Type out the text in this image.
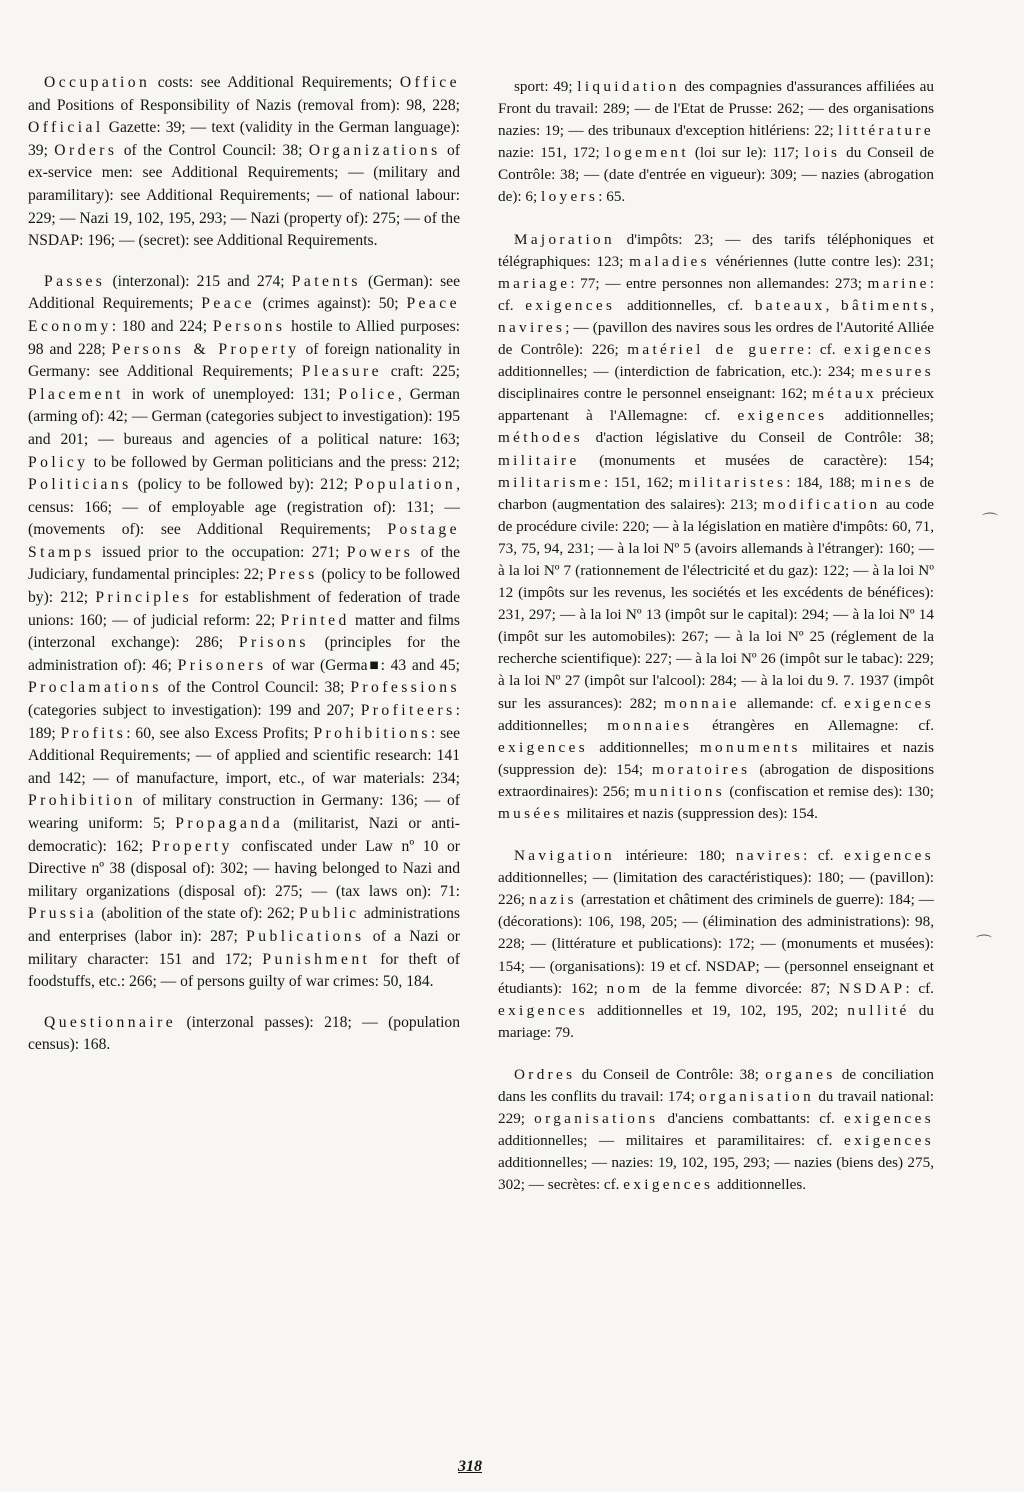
Occupation costs: see Additional Requirements; Office and Positions of Responsibility of Nazis (removal from): 98, 228; Official Gazette: 39; — text (validity in the German language): 39; Orders of the Control Council: 38; Organizations of ex-service men: see Additional Requirements; — (military and paramilitary): see Additional Requirements; — of national labour: 229; — Nazi 19, 102, 195, 293; — Nazi (property of): 275; — of the NSDAP: 196; — (secret): see Additional Requirements.

Passes (interzonal): 215 and 274; Patents (German): see Additional Requirements; Peace (crimes against): 50; Peace Economy: 180 and 224; Persons hostile to Allied purposes: 98 and 228; Persons & Property of foreign nationality in Germany: see Additional Requirements; Pleasure craft: 225; Placement in work of unemployed: 131; Police, German (arming of): 42; — German (categories subject to investigation): 195 and 201; — bureaus and agencies of a political nature: 163; Policy to be followed by German politicians and the press: 212; Politicians (policy to be followed by): 212; Population, census: 166; — of employable age (registration of): 131; — (movements of): see Additional Requirements; Postage Stamps issued prior to the occupation: 271; Powers of the Judiciary, fundamental principles: 22; Press (policy to be followed by): 212; Principles for establishment of federation of trade unions: 160; — of judicial reform: 22; Printed matter and films (interzonal exchange): 286; Prisons (principles for the administration of): 46; Prisoners of war (Germa■: 43 and 45; Proclamations of the Control Council: 38; Professions (categories subject to investigation): 199 and 207; Profiteers: 189; Profits: 60, see also Excess Profits; Prohibitions: see Additional Requirements; — of applied and scientific research: 141 and 142; — of manufacture, import, etc., of war materials: 234; Prohibition of military construction in Germany: 136; — of wearing uniform: 5; Propaganda (militarist, Nazi or anti-democratic): 162; Property confiscated under Law nº 10 or Directive nº 38 (disposal of): 302; — having belonged to Nazi and military organizations (disposal of): 275; — (tax laws on): 71: Prussia (abolition of the state of): 262; Public administrations and enterprises (labor in): 287; Publications of a Nazi or military character: 151 and 172; Punishment for theft of foodstuffs, etc.: 266; — of persons guilty of war crimes: 50, 184.

Questionnaire (interzonal passes): 218; — (population census): 168.

sport: 49; liquidation des compagnies d'assurances affiliées au Front du travail: 289; — de l'Etat de Prusse: 262; — des organisations nazies: 19; — des tribunaux d'exception hitlériens: 22; littérature nazie: 151, 172; logement (loi sur le): 117; lois du Conseil de Contrôle: 38; — (date d'entrée en vigueur): 309; — nazies (abrogation de): 6; loyers: 65.

Majoration d'impôts: 23; — des tarifs téléphoniques et télégraphiques: 123; maladies vénériennes (lutte contre les): 231; mariage: 77; — entre personnes non allemandes: 273; marine: cf. exigences additionnelles, cf. bateaux, bâtiments, navires; — (pavillon des navires sous les ordres de l'Autorité Alliée de Contrôle): 226; matériel de guerre: cf. exigences additionnelles; — (interdiction de fabrication, etc.): 234; mesures disciplinaires contre le personnel enseignant: 162; métaux précieux appartenant à l'Allemagne: cf. exigences additionnelles; méthodes d'action législative du Conseil de Contrôle: 38; militaire (monuments et musées de caractère): 154; militarisme: 151, 162; militaristes: 184, 188; mines de charbon (augmentation des salaires): 213; modification au code de procédure civile: 220; — à la législation en matière d'impôts: 60, 71, 73, 75, 94, 231; — à la loi Nº 5 (avoirs allemands à l'étranger): 160; — à la loi Nº 7 (rationnement de l'électricité et du gaz): 122; — à la loi Nº 12 (impôts sur les revenus, les sociétés et les excédents de bénéfices): 231, 297; — à la loi Nº 13 (impôt sur le capital): 294; — à la loi Nº 14 (impôt sur les automobiles): 267; — à la loi Nº 25 (réglement de la recherche scientifique): 227; — à la loi Nº 26 (impôt sur le tabac): 229; à la loi Nº 27 (impôt sur l'alcool): 284; — à la loi du 9. 7. 1937 (impôt sur les assurances): 282; monnaie allemande: cf. exigences additionnelles; monnaies étrangères en Allemagne: cf. exigences additionnelles; monuments militaires et nazis (suppression de): 154; moratoires (abrogation de dispositions extraordinaires): 256; munitions (confiscation et remise des): 130; musées militaires et nazis (suppression des): 154.

Navigation intérieure: 180; navires: cf. exigences additionnelles; — (limitation des caractéristiques): 180; — (pavillon): 226; nazis (arrestation et châtiment des criminels de guerre): 184; — (décorations): 106, 198, 205; — (élimination des administrations): 98, 228; — (littérature et publications): 172; — (monuments et musées): 154; — (organisations): 19 et cf. NSDAP; — (personnel enseignant et étudiants): 162; nom de la femme divorcée: 87; NSDAP: cf. exigences additionnelles et 19, 102, 195, 202; nullité du mariage: 79.

Ordres du Conseil de Contrôle: 38; organes de conciliation dans les conflits du travail: 174; organisation du travail national: 229; organisations d'anciens combattants: cf. exigences additionnelles; — militaires et paramilitaires: cf. exigences additionnelles; — nazies: 19, 102, 195, 293; — nazies (biens des) 275, 302; — secrètes: cf. exigences additionnelles.

318
⌒
⌒
